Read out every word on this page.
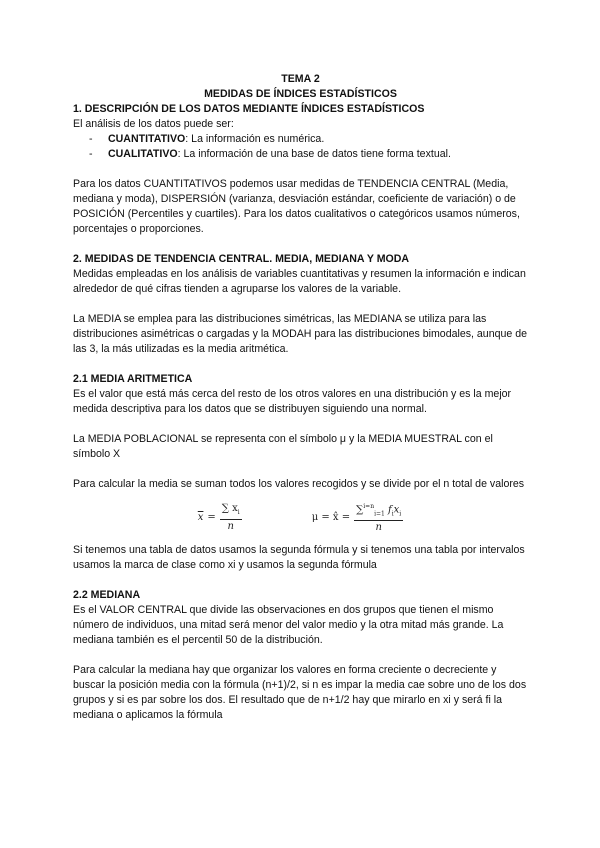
TEMA 2
MEDIDAS DE ÍNDICES ESTADÍSTICOS
1. DESCRIPCIÓN DE LOS DATOS MEDIANTE ÍNDICES ESTADÍSTICOS

El análisis de los datos puede ser:

- CUANTITATIVO: La información es numérica.
- CUALITATIVO: La información de una base de datos tiene forma textual.

Para los datos CUANTITATIVOS podemos usar medidas de TENDENCIA CENTRAL (Media, mediana y moda), DISPERSIÓN (varianza, desviación estándar, coeficiente de variación) o de POSICIÓN (Percentiles y cuartiles). Para los datos cualitativos o categóricos usamos números, porcentajes o proporciones.

2. MEDIDAS DE TENDENCIA CENTRAL. MEDIA, MEDIANA Y MODA

Medidas empleadas en los análisis de variables cuantitativas y resumen la información e indican alrededor de qué cifras tienden a agruparse los valores de la variable.

La MEDIA se emplea para las distribuciones simétricas, las MEDIANA se utiliza para las distribuciones asimétricas o cargadas y la MODAH para las distribuciones bimodales, aunque de las 3, la más utilizadas es la media aritmética.

2.1 MEDIA ARITMETICA

Es el valor que está más cerca del resto de los otros valores en una distribución y es la mejor medida descriptiva para los datos que se distribuyen siguiendo una normal.

La MEDIA POBLACIONAL se representa con el símbolo μ y la MEDIA MUESTRAL con el símbolo X

Para calcular la media se suman todos los valores recogidos y se divide por el n total de valores

$\overline{x} = \frac{\sum x_i}{n}$	μ = x̂ = $\frac{\sum^{i=n}_{i=1} f_ix_i}{n}$

Si tenemos una tabla de datos usamos la segunda fórmula y si tenemos una tabla por intervalos usamos la marca de clase como xi y usamos la segunda fórmula

2.2 MEDIANA

Es el VALOR CENTRAL que divide las observaciones en dos grupos que tienen el mismo número de individuos, una mitad será menor del valor medio y la otra mitad más grande. La mediana también es el percentil 50 de la distribución.

Para calcular la mediana hay que organizar los valores en forma creciente o decreciente y buscar la posición media con la fórmula (n+1)/2, si n es impar la media cae sobre uno de los dos grupos y si es par sobre los dos. El resultado que de n+1/2 hay que mirarlo en xi y será fi la mediana o aplicamos la fórmula
